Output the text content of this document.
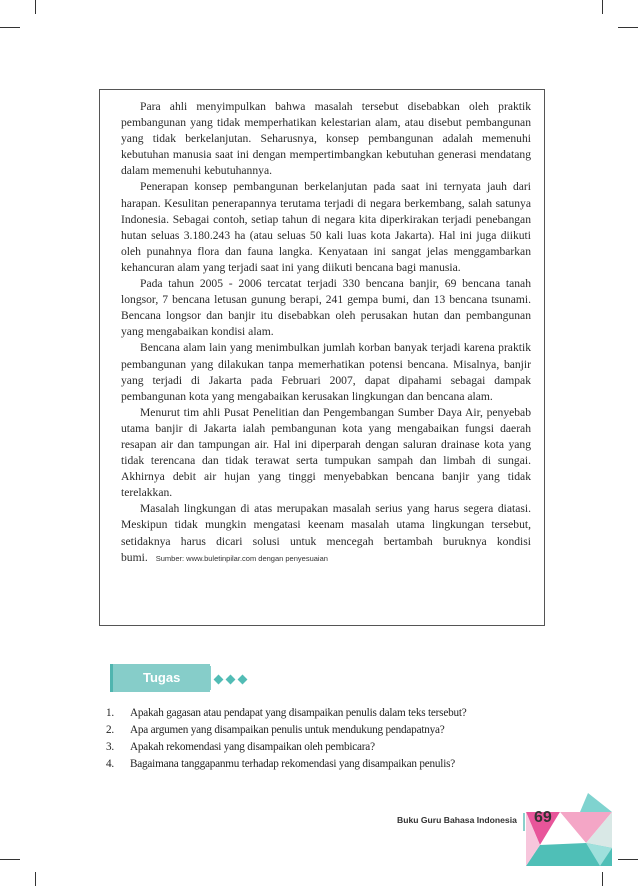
Para ahli menyimpulkan bahwa masalah tersebut disebabkan oleh praktik pembangunan yang tidak memperhatikan kelestarian alam, atau disebut pembangunan yang tidak berkelanjutan. Seharusnya, konsep pembangunan adalah memenuhi kebutuhan manusia saat ini dengan mempertimbangkan kebutuhan generasi mendatang dalam memenuhi kebutuhannya.

Penerapan konsep pembangunan berkelanjutan pada saat ini ternyata jauh dari harapan. Kesulitan penerapannya terutama terjadi di negara berkembang, salah satunya Indonesia. Sebagai contoh, setiap tahun di negara kita diperkirakan terjadi penebangan hutan seluas 3.180.243 ha (atau seluas 50 kali luas kota Jakarta). Hal ini juga diikuti oleh punahnya flora dan fauna langka. Kenyataan ini sangat jelas menggambarkan kehancuran alam yang terjadi saat ini yang diikuti bencana bagi manusia.

Pada tahun 2005 - 2006 tercatat terjadi 330 bencana banjir, 69 bencana tanah longsor, 7 bencana letusan gunung berapi, 241 gempa bumi, dan 13 bencana tsunami. Bencana longsor dan banjir itu disebabkan oleh perusakan hutan dan pembangunan yang mengabaikan kondisi alam.

Bencana alam lain yang menimbulkan jumlah korban banyak terjadi karena praktik pembangunan yang dilakukan tanpa memerhatikan potensi bencana. Misalnya, banjir yang terjadi di Jakarta pada Februari 2007, dapat dipahami sebagai dampak pembangunan kota yang mengabaikan kerusakan lingkungan dan bencana alam.

Menurut tim ahli Pusat Penelitian dan Pengembangan Sumber Daya Air, penyebab utama banjir di Jakarta ialah pembangunan kota yang mengabaikan fungsi daerah resapan air dan tampungan air. Hal ini diperparah dengan saluran drainase kota yang tidak terencana dan tidak terawat serta tumpukan sampah dan limbah di sungai. Akhirnya debit air hujan yang tinggi menyebabkan bencana banjir yang tidak terelakkan.

Masalah lingkungan di atas merupakan masalah serius yang harus segera diatasi. Meskipun tidak mungkin mengatasi keenam masalah utama lingkungan tersebut, setidaknya harus dicari solusi untuk mencegah bertambah buruknya kondisi bumi. Sumber: www.buletinpilar.com dengan penyesuaian

Tugas
1. Apakah gagasan atau pendapat yang disampaikan penulis dalam teks tersebut?
2. Apa argumen yang disampaikan penulis untuk mendukung pendapatnya?
3. Apakah rekomendasi yang disampaikan oleh pembicara?
4. Bagaimana tanggapanmu terhadap rekomendasi yang disampaikan penulis?
Buku Guru Bahasa Indonesia 69
